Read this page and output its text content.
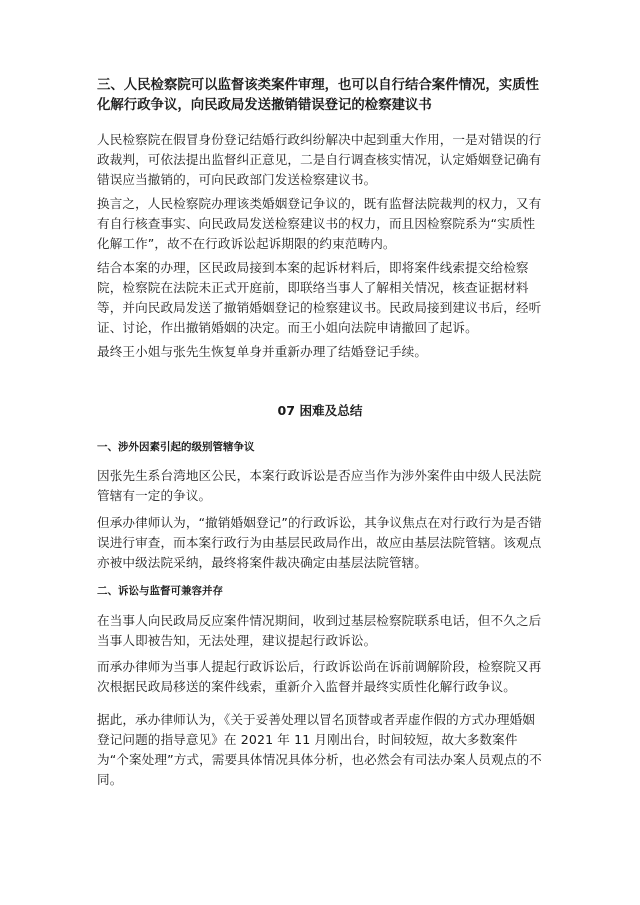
三、人民检察院可以监督该类案件审理，也可以自行结合案件情况，实质性化解行政争议，向民政局发送撤销错误登记的检察建议书

人民检察院在假冒身份登记结婚行政纠纷解决中起到重大作用，一是对错误的行政裁判，可依法提出监督纠正意见，二是自行调查核实情况，认定婚姻登记确有错误应当撤销的，可向民政部门发送检察建议书。

换言之，人民检察院办理该类婚姻登记争议的，既有监督法院裁判的权力，又有有自行核查事实、向民政局发送检察建议书的权力，而且因检察院系为“实质性化解工作”，故不在行政诉讼起诉期限的约束范畴内。

结合本案的办理，区民政局接到本案的起诉材料后，即将案件线索提交给检察院，检察院在法院未正式开庭前，即联络当事人了解相关情况，核查证据材料等，并向民政局发送了撤销婚姻登记的检察建议书。民政局接到建议书后，经听证、讨论，作出撤销婚姻的决定。而王小姐向法院申请撤回了起诉。

最终王小姐与张先生恢复单身并重新办理了结婚登记手续。

07 困难及总结

一、涉外因素引起的级别管辖争议

因张先生系台湾地区公民，本案行政诉讼是否应当作为涉外案件由中级人民法院管辖有一定的争议。

但承办律师认为，“撤销婚姻登记”的行政诉讼，其争议焦点在对行政行为是否错误进行审查，而本案行政行为由基层民政局作出，故应由基层法院管辖。该观点亦被中级法院采纳，最终将案件裁决确定由基层法院管辖。

二、诉讼与监督可兼容并存

在当事人向民政局反应案件情况期间，收到过基层检察院联系电话，但不久之后当事人即被告知，无法处理，建议提起行政诉讼。

而承办律师为当事人提起行政诉讼后，行政诉讼尚在诉前调解阶段，检察院又再次根据民政局移送的案件线索，重新介入监督并最终实质性化解行政争议。

据此，承办律师认为，《关于妥善处理以冒名顶替或者弄虚作假的方式办理婚姻登记问题的指导意见》在 2021 年 11 月刚出台，时间较短，故大多数案件为“个案处理”方式，需要具体情况具体分析，也必然会有司法办案人员观点的不同。
